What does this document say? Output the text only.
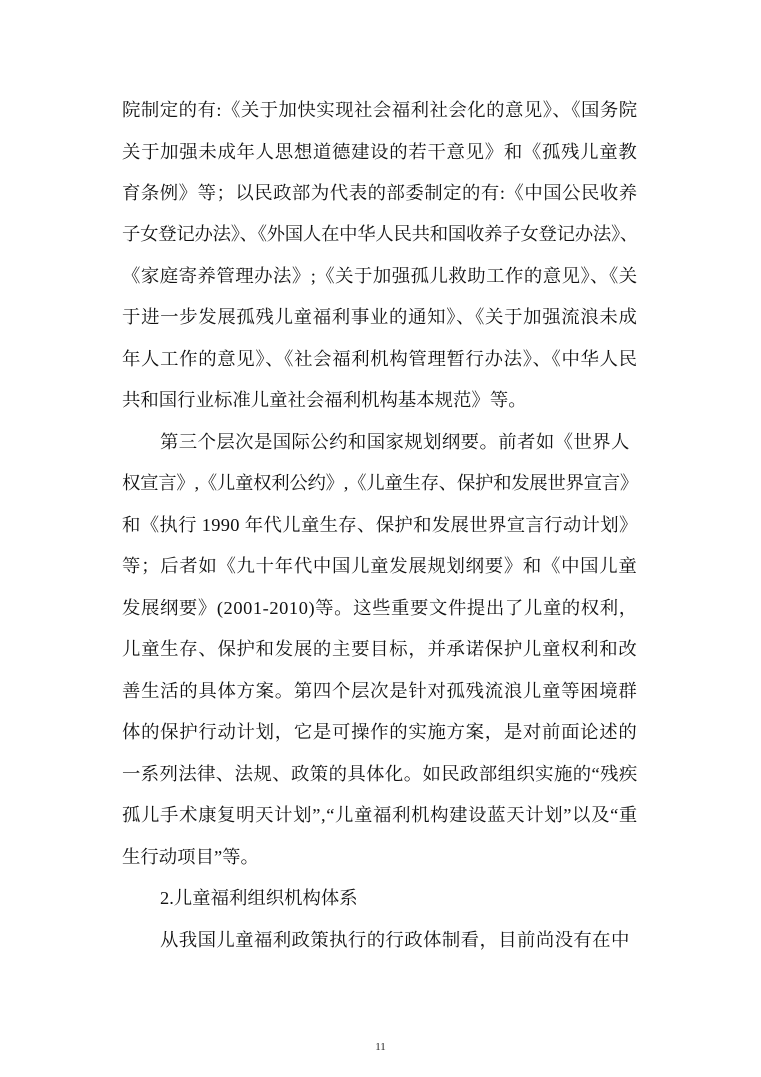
院制定的有:《关于加快实现社会福利社会化的意见》、《国务院
关于加强未成年人思想道德建设的若干意见》和《孤残儿童教
育条例》等；以民政部为代表的部委制定的有:《中国公民收养
子女登记办法》、《外国人在中华人民共和国收养子女登记办法》、
《家庭寄养管理办法》;《关于加强孤儿救助工作的意见》、《关
于进一步发展孤残儿童福利事业的通知》、《关于加强流浪未成
年人工作的意见》、《社会福利机构管理暂行办法》、《中华人民
共和国行业标准儿童社会福利机构基本规范》等。
第三个层次是国际公约和国家规划纲要。前者如《世界人
权宣言》,《儿童权利公约》,《儿童生存、保护和发展世界宣言》
和《执行 1990 年代儿童生存、保护和发展世界宣言行动计划》
等；后者如《九十年代中国儿童发展规划纲要》和《中国儿童
发展纲要》(2001-2010)等。这些重要文件提出了儿童的权利，
儿童生存、保护和发展的主要目标，并承诺保护儿童权利和改
善生活的具体方案。第四个层次是针对孤残流浪儿童等困境群
体的保护行动计划，它是可操作的实施方案，是对前面论述的
一系列法律、法规、政策的具体化。如民政部组织实施的“残疾
孤儿手术康复明天计划”,“儿童福利机构建设蓝天计划”以及“重
生行动项目”等。
2.儿童福利组织机构体系
从我国儿童福利政策执行的行政体制看，目前尚没有在中
11
